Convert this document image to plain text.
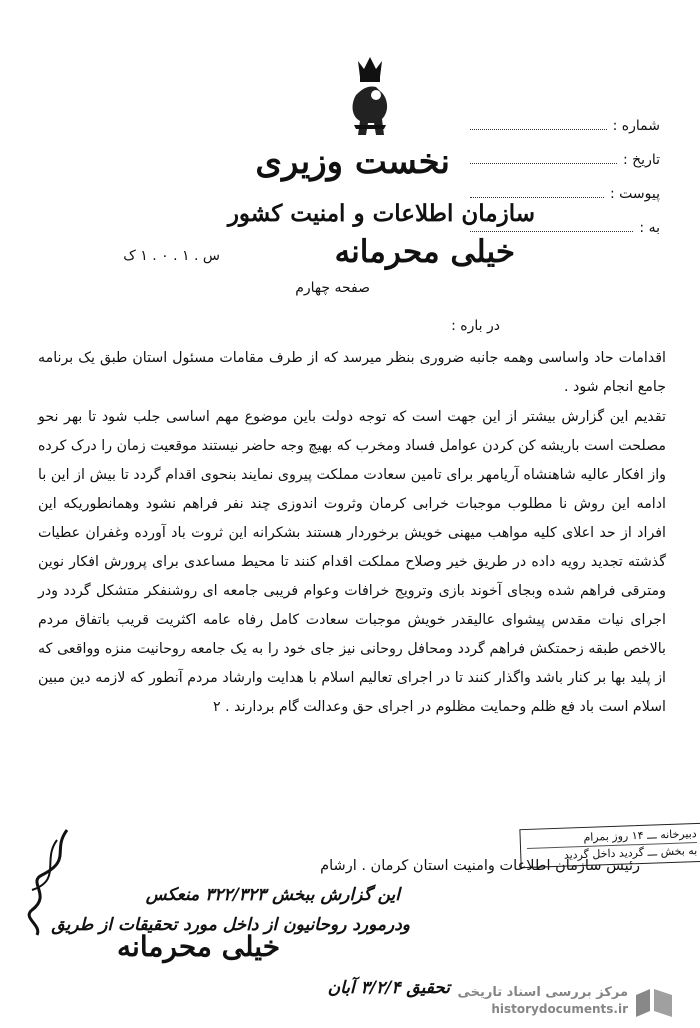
نخست وزیری
سازمان اطلاعات و امنیت کشور
خیلی محرمانه
س . ۱ . ۰ . ۱ ک
صفحه چهارم
شماره :
تاریخ :
پیوست :
به :
در باره :

اقدامات حاد واساسی وهمه جانبه ضروری بنظر میرسد که از طرف مقامات مسئول استان طبق یک برنامه جامع انجام شود .

تقدیم این گزارش بیشتر از این جهت است که توجه دولت باین موضوع مهم اساسی جلب شود تا بهر نحو مصلحت است باریشه کن کردن عوامل فساد ومخرب که بهیچ وجه حاضر نیستند موقعیت زمان را درک کرده واز افکار عالیه شاهنشاه آریامهر برای تامین سعادت مملکت پیروی نمایند بنحوی اقدام گردد تا بیش از این با ادامه این روش نا مطلوب موجبات خرابی کرمان وثروت اندوزی چند نفر فراهم نشود وهمانطوریکه این افراد از حد اعلای کلیه مواهب میهنی خویش برخوردار هستند بشکرانه این ثروت باد آورده وغفران عطیات گذشته تجدید رویه داده در طریق خیر وصلاح مملکت اقدام کنند تا محیط مساعدی برای پرورش افکار نوین ومترقی فراهم شده وبجای آخوند بازی وترویج خرافات وعوام فریبی جامعه ای روشنفکر متشکل گردد ودر اجرای نیات مقدس پیشوای عالیقدر خویش موجبات سعادت کامل رفاه عامه اکثریت قریب باتفاق مردم بالاخص طبقه زحمتکش فراهم گردد ومحافل روحانی نیز جای خود را به یک جامعه روحانیت منزه وواقعی که از پلید بها بر کنار باشد واگذار کنند تا در اجرای تعالیم اسلام با هدایت وارشاد مردم آنطور که لازمه دین مبین اسلام است باد فع ظلم وحمایت مظلوم در اجرای حق وعدالت گام بردارند . ۲

دبیرخانه ـــ ۱۴ روز بمرام
به بخش ـــ گردید داخل گردید
رئیس سازمان اطلاعات وامنیت استان کرمان . ارشام
این گزارش ببخش ۳۲۲/۳۲۳ منعکس
ودرمورد روحانیون از داخل مورد تحقیقات از طریق
خیلی محرمانه
تحقیق ۳/۲/۴ آبان مرکز بررسی اسناد تاریخی
historydocuments.ir
